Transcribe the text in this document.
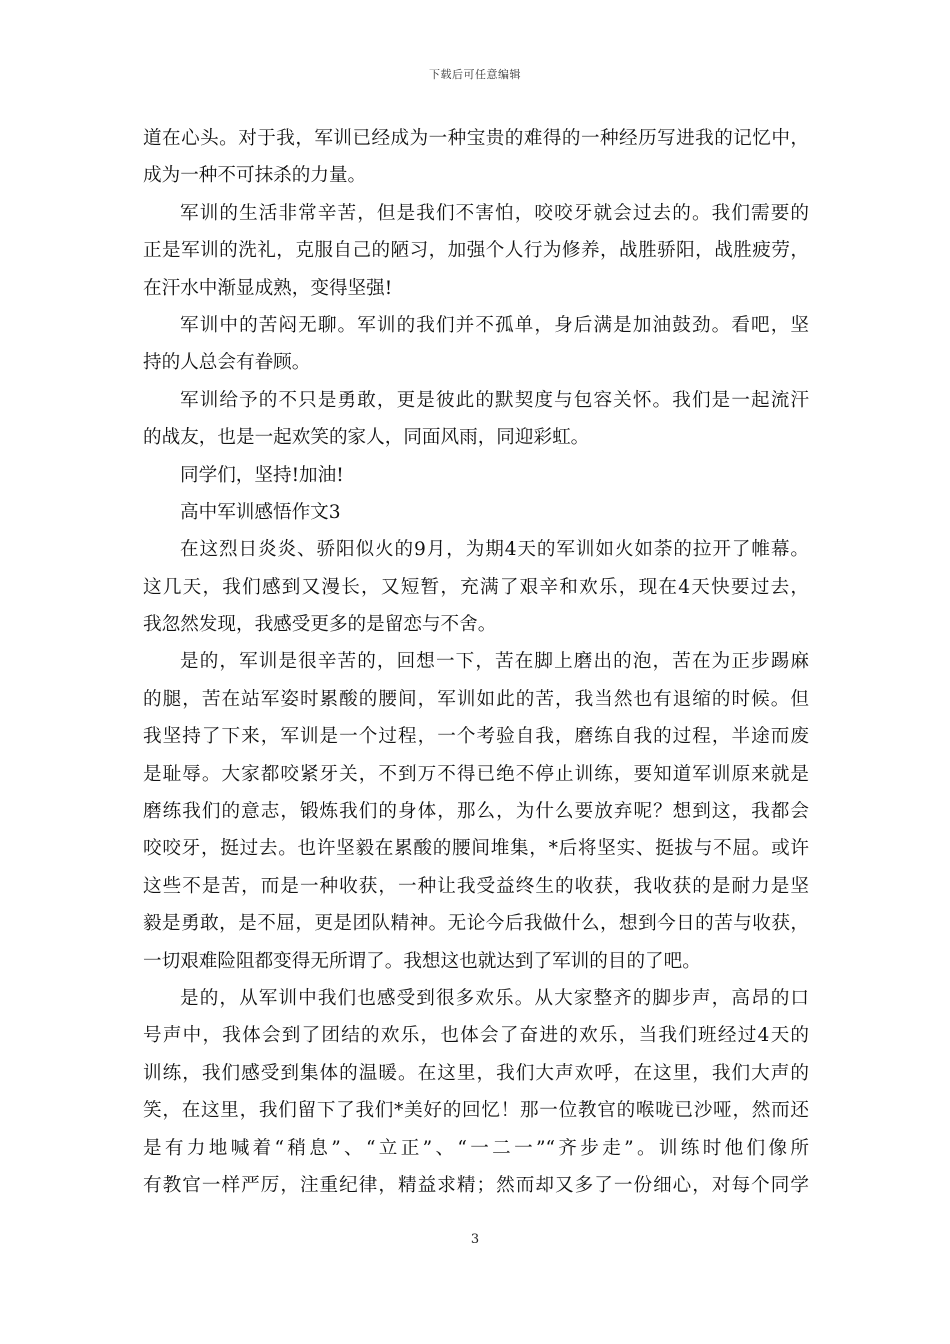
下载后可任意编辑
道在心头。对于我，军训已经成为一种宝贵的难得的一种经历写进我的记忆中，
成为一种不可抹杀的力量。
军训的生活非常辛苦，但是我们不害怕，咬咬牙就会过去的。我们需要的
正是军训的洗礼，克服自己的陋习，加强个人行为修养，战胜骄阳，战胜疲劳，
在汗水中渐显成熟，变得坚强!
军训中的苦闷无聊。军训的我们并不孤单，身后满是加油鼓劲。看吧，坚
持的人总会有眷顾。
军训给予的不只是勇敢，更是彼此的默契度与包容关怀。我们是一起流汗
的战友，也是一起欢笑的家人，同面风雨，同迎彩虹。
同学们，坚持!加油!
高中军训感悟作文3
在这烈日炎炎、骄阳似火的9月，为期4天的军训如火如荼的拉开了帷幕。
这几天，我们感到又漫长，又短暂，充满了艰辛和欢乐，现在4天快要过去，
我忽然发现，我感受更多的是留恋与不舍。
是的，军训是很辛苦的，回想一下，苦在脚上磨出的泡，苦在为正步踢麻
的腿，苦在站军姿时累酸的腰间，军训如此的苦，我当然也有退缩的时候。但
我坚持了下来，军训是一个过程，一个考验自我，磨练自我的过程，半途而废
是耻辱。大家都咬紧牙关，不到万不得已绝不停止训练，要知道军训原来就是
磨练我们的意志，锻炼我们的身体，那么，为什么要放弃呢？想到这，我都会
咬咬牙，挺过去。也许坚毅在累酸的腰间堆集，*后将坚实、挺拔与不屈。或许
这些不是苦，而是一种收获，一种让我受益终生的收获，我收获的是耐力是坚
毅是勇敢，是不屈，更是团队精神。无论今后我做什么，想到今日的苦与收获，
一切艰难险阻都变得无所谓了。我想这也就达到了军训的目的了吧。
是的，从军训中我们也感受到很多欢乐。从大家整齐的脚步声，高昂的口
号声中，我体会到了团结的欢乐，也体会了奋进的欢乐，当我们班经过4天的
训练，我们感受到集体的温暖。在这里，我们大声欢呼，在这里，我们大声的
笑，在这里，我们留下了我们*美好的回忆！那一位教官的喉咙已沙哑，然而还
是有力地喊着“稍息”、“立正”、“一二一”“齐步走”。训练时他们像所
有教官一样严厉，注重纪律，精益求精；然而却又多了一份细心，对每个同学
3
